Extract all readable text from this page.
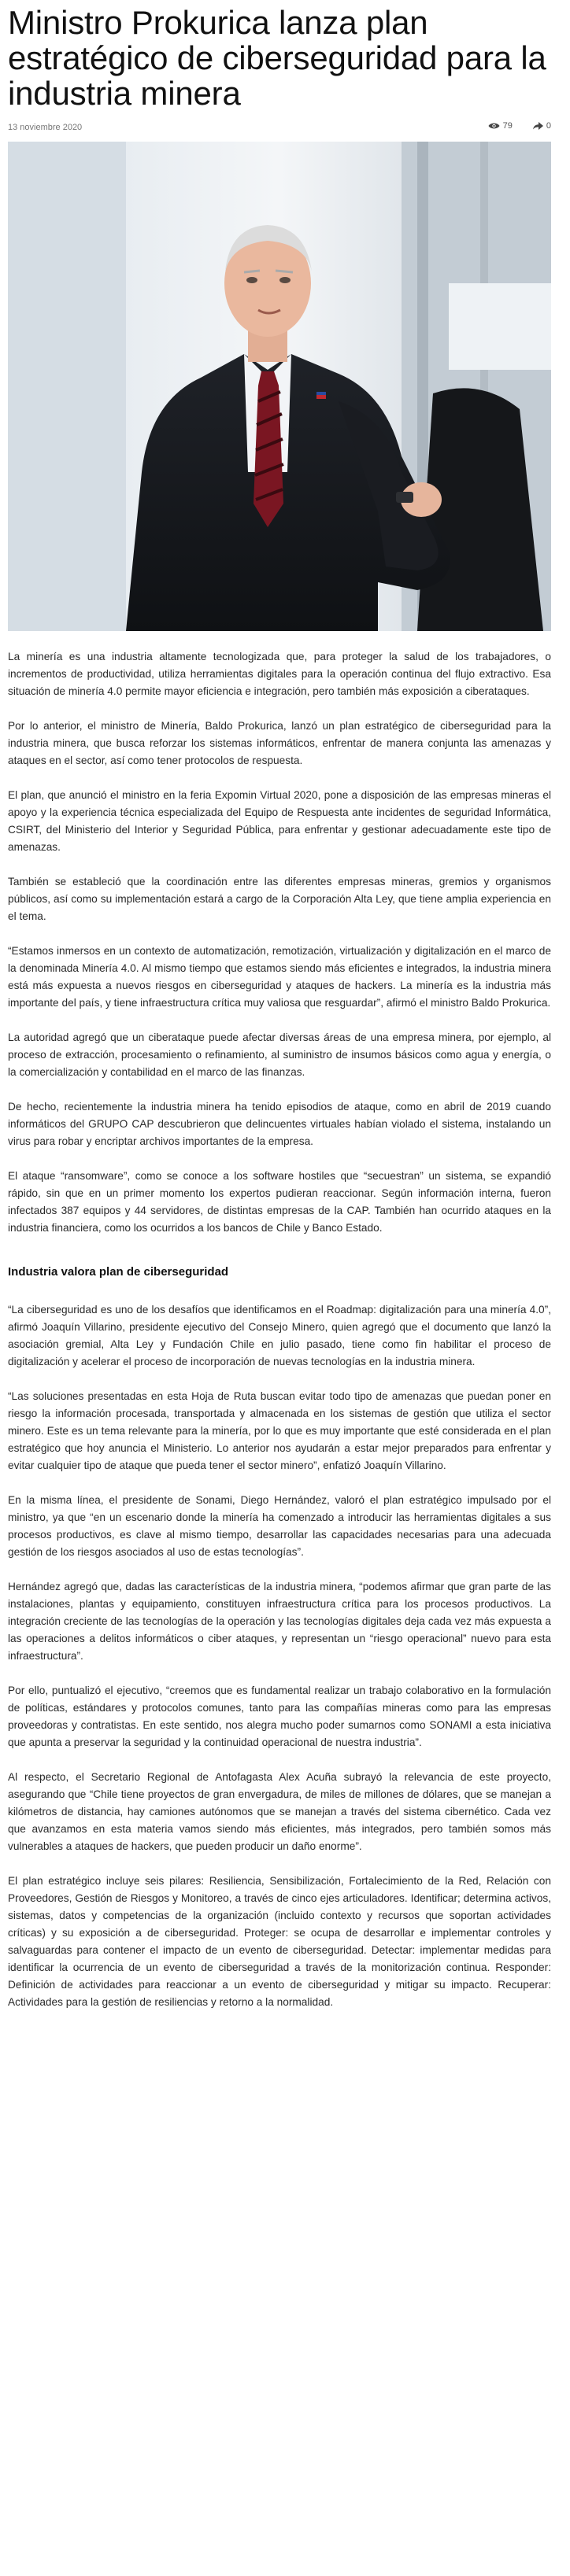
Ministro Prokurica lanza plan estratégico de ciberseguridad para la industria minera
13 noviembre 2020	79	0

La minería es una industria altamente tecnologizada que, para proteger la salud de los trabajadores, o incrementos de productividad, utiliza herramientas digitales para la operación continua del flujo extractivo. Esa situación de minería 4.0 permite mayor eficiencia e integración, pero también más exposición a ciberataques.

Por lo anterior, el ministro de Minería, Baldo Prokurica, lanzó un plan estratégico de ciberseguridad para la industria minera, que busca reforzar los sistemas informáticos, enfrentar de manera conjunta las amenazas y ataques en el sector, así como tener protocolos de respuesta.

El plan, que anunció el ministro en la feria Expomin Virtual 2020, pone a disposición de las empresas mineras el apoyo y la experiencia técnica especializada del Equipo de Respuesta ante incidentes de seguridad Informática, CSIRT, del Ministerio del Interior y Seguridad Pública, para enfrentar y gestionar adecuadamente este tipo de amenazas.

También se estableció que la coordinación entre las diferentes empresas mineras, gremios y organismos públicos, así como su implementación estará a cargo de la Corporación Alta Ley, que tiene amplia experiencia en el tema.

“Estamos inmersos en un contexto de automatización, remotización, virtualización y digitalización en el marco de la denominada Minería 4.0. Al mismo tiempo que estamos siendo más eficientes e integrados, la industria minera está más expuesta a nuevos riesgos en ciberseguridad y ataques de hackers. La minería es la industria más importante del país, y tiene infraestructura crítica muy valiosa que resguardar”, afirmó el ministro Baldo Prokurica.

La autoridad agregó que un ciberataque puede afectar diversas áreas de una empresa minera, por ejemplo, al proceso de extracción, procesamiento o refinamiento, al suministro de insumos básicos como agua y energía, o la comercialización y contabilidad en el marco de las finanzas.

De hecho, recientemente la industria minera ha tenido episodios de ataque, como en abril de 2019 cuando informáticos del GRUPO CAP descubrieron que delincuentes virtuales habían violado el sistema, instalando un virus para robar y encriptar archivos importantes de la empresa.

El ataque “ransomware”, como se conoce a los software hostiles que “secuestran” un sistema, se expandió rápido, sin que en un primer momento los expertos pudieran reaccionar. Según información interna, fueron infectados 387 equipos y 44 servidores, de distintas empresas de la CAP. También han ocurrido ataques en la industria financiera, como los ocurridos a los bancos de Chile y Banco Estado.

Industria valora plan de ciberseguridad

“La ciberseguridad es uno de los desafíos que identificamos en el Roadmap: digitalización para una minería 4.0”, afirmó Joaquín Villarino, presidente ejecutivo del Consejo Minero, quien agregó que el documento que lanzó la asociación gremial, Alta Ley y Fundación Chile en julio pasado, tiene como fin habilitar el proceso de digitalización y acelerar el proceso de incorporación de nuevas tecnologías en la industria minera.

“Las soluciones presentadas en esta Hoja de Ruta buscan evitar todo tipo de amenazas que puedan poner en riesgo la información procesada, transportada y almacenada en los sistemas de gestión que utiliza el sector minero. Este es un tema relevante para la minería, por lo que es muy importante que esté considerada en el plan estratégico que hoy anuncia el Ministerio. Lo anterior nos ayudarán a estar mejor preparados para enfrentar y evitar cualquier tipo de ataque que pueda tener el sector minero”, enfatizó Joaquín Villarino.

En la misma línea, el presidente de Sonami, Diego Hernández, valoró el plan estratégico impulsado por el ministro, ya que “en un escenario donde la minería ha comenzado a introducir las herramientas digitales a sus procesos productivos, es clave al mismo tiempo, desarrollar las capacidades necesarias para una adecuada gestión de los riesgos asociados al uso de estas tecnologías”.

Hernández agregó que, dadas las características de la industria minera, “podemos afirmar que gran parte de las instalaciones, plantas y equipamiento, constituyen infraestructura crítica para los procesos productivos. La integración creciente de las tecnologías de la operación y las tecnologías digitales deja cada vez más expuesta a las operaciones a delitos informáticos o ciber ataques, y representan un “riesgo operacional” nuevo para esta infraestructura”.

Por ello, puntualizó el ejecutivo, “creemos que es fundamental realizar un trabajo colaborativo en la formulación de políticas, estándares y protocolos comunes, tanto para las compañías mineras como para las empresas proveedoras y contratistas. En este sentido, nos alegra mucho poder sumarnos como SONAMI a esta iniciativa que apunta a preservar la seguridad y la continuidad operacional de nuestra industria”.

Al respecto, el Secretario Regional de Antofagasta Alex Acuña subrayó la relevancia de este proyecto, asegurando que “Chile tiene proyectos de gran envergadura, de miles de millones de dólares, que se manejan a kilómetros de distancia, hay camiones autónomos que se manejan a través del sistema cibernético. Cada vez que avanzamos en esta materia vamos siendo más eficientes, más integrados, pero también somos más vulnerables a ataques de hackers, que pueden producir un daño enorme”.

El plan estratégico incluye seis pilares: Resiliencia, Sensibilización, Fortalecimiento de la Red, Relación con Proveedores, Gestión de Riesgos y Monitoreo, a través de cinco ejes articuladores. Identificar; determina activos, sistemas, datos y competencias de la organización (incluido contexto y recursos que soportan actividades críticas) y su exposición a de ciberseguridad. Proteger: se ocupa de desarrollar e implementar controles y salvaguardas para contener el impacto de un evento de ciberseguridad. Detectar: implementar medidas para identificar la ocurrencia de un evento de ciberseguridad a través de la monitorización continua. Responder: Definición de actividades para reaccionar a un evento de ciberseguridad y mitigar su impacto. Recuperar: Actividades para la gestión de resiliencias y retorno a la normalidad.
